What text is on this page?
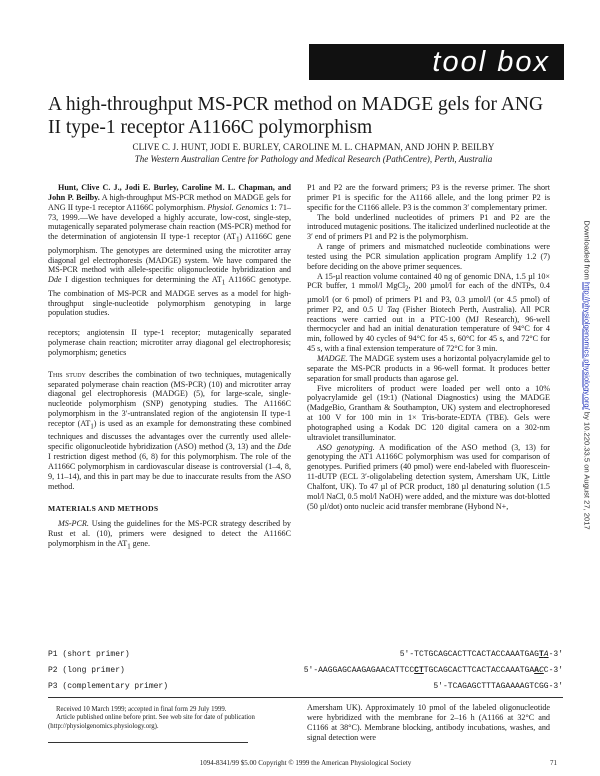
tool box
Downloaded from http://physiolgenomics.physiology.org/ by 10.220.33.5 on August 27, 2017
A high-throughput MS-PCR method on MADGE gels for ANG II type-1 receptor A1166C polymorphism
CLIVE C. J. HUNT, JODI E. BURLEY, CAROLINE M. L. CHAPMAN, AND JOHN P. BEILBY
The Western Australian Centre for Pathology and Medical Research (PathCentre), Perth, Australia

Hunt, Clive C. J., Jodi E. Burley, Caroline M. L. Chapman, and John P. Beilby. A high-throughput MS-PCR method on MADGE gels for ANG II type-1 receptor A1166C polymorphism. Physiol. Genomics 1: 71–73, 1999.—We have developed a highly accurate, low-cost, single-step, mutagenically separated polymerase chain reaction (MS-PCR) method for the determination of angiotensin II type-1 receptor $(AT_1)$ A1166C gene polymorphism. The genotypes are determined using the microtiter array diagonal gel electrophoresis (MADGE) system. We have compared the MS-PCR method with allele-specific oligonucleotide hybridization and Dde I digestion techniques for determining the $AT_1$ A1166C genotype. The combination of MS-PCR and MADGE serves as a model for high-throughput single-nucleotide polymorphism genotyping in large population studies.

receptors; angiotensin II type-1 receptor; mutagenically separated polymerase chain reaction; microtiter array diagonal gel electrophoresis; polymorphism; genetics

This study describes the combination of two techniques, mutagenically separated polymerase chain reaction (MS-PCR) (10) and microtiter array diagonal gel electrophoresis (MADGE) (5), for large-scale, single-nucleotide polymorphism (SNP) genotyping studies. The A1166C polymorphism in the 3′-untranslated region of the angiotensin II type-1 receptor $(AT_1)$ is used as an example for demonstrating these combined techniques and discusses the advantages over the currently used allele-specific oligonucleotide hybridization (ASO) method (3, 13) and the Dde I restriction digest method (6, 8) for this polymorphism. The role of the A1166C polymorphism in cardiovascular disease is controversial (1–4, 8, 9, 11–14), and this in part may be due to inaccurate results from the ASO method.

MATERIALS AND METHODS

MS-PCR. Using the guidelines for the MS-PCR strategy described by Rust et al. (10), primers were designed to detect the A1166C polymorphism in the $AT_1$ gene.

P1 and P2 are the forward primers; P3 is the reverse primer. The short primer P1 is specific for the A1166 allele, and the long primer P2 is specific for the C1166 allele. P3 is the common 3′ complementary primer.

The bold underlined nucleotides of primers P1 and P2 are the introduced mutagenic positions. The italicized underlined nucleotide at the 3′ end of primers P1 and P2 is the polymorphism.

A range of primers and mismatched nucleotide combinations were tested using the PCR simulation application program Amplify 1.2 (7) before deciding on the above primer sequences.

A 15-µl reaction volume contained 40 ng of genomic DNA, 1.5 µl 10× PCR buffer, 1 mmol/l MgCl$_2$, 200 µmol/l for each of the dNTPs, 0.4 µmol/l (or 6 pmol) of primers P1 and P3, 0.3 µmol/l (or 4.5 pmol) of primer P2, and 0.5 U Taq (Fisher Biotech Perth, Australia). All PCR reactions were carried out in a PTC-100 (MJ Research), 96-well thermocycler and had an initial denaturation temperature of 94°C for 4 min, followed by 40 cycles of 94°C for 45 s, 60°C for 45 s, and 72°C for 45 s, with a final extension temperature of 72°C for 3 min.

MADGE. The MADGE system uses a horizontal polyacrylamide gel to separate the MS-PCR products in a 96-well format. It produces better separation for small products than agarose gel.

Five microliters of product were loaded per well onto a 10% polyacrylamide gel (19:1) (National Diagnostics) using the MADGE (MadgeBio, Grantham & Southampton, UK) system and electrophoresed at 100 V for 100 min in 1× Tris-borate-EDTA (TBE). Gels were photographed using a Kodak DC 120 digital camera on a 302-nm ultraviolet transilluminator.

ASO genotyping. A modification of the ASO method (3, 13) for genotyping the AT1 A1166C polymorphism was used for comparison of genotypes. Purified primers (40 pmol) were end-labeled with fluorescein-11-dUTP (ECL 3′-oligolabeling detection system, Amersham UK, Little Chalfont, UK). To 47 µl of PCR product, 180 µl denaturing solution (1.5 mol/l NaCl, 0.5 mol/l NaOH) were added, and the mixture was dot-blotted (50 µl/dot) onto nucleic acid transfer membrane (Hybond N+,

P1 (short primer)	5′-TCTGCAGCACTTCACTACCAAATGAGTA-3′
P2 (long primer)	5′-AAGGAGCAAGAGAACATTCCCTTGCAGCACTTCACTACCAAATGAACC-3′
P3 (complementary primer)	5′-TCAGAGCTTTAGAAAAGTCGG-3′

Received 10 March 1999; accepted in final form 29 July 1999.

Article published online before print. See web site for date of publication (http://physiolgenomics.physiology.org).

Amersham UK). Approximately 10 pmol of the labeled oligonucleotide were hybridized with the membrane for 2–16 h (A1166 at 32°C and C1166 at 38°C). Membrane blocking, antibody incubations, washes, and signal detection were

1094-8341/99 $5.00 Copyright © 1999 the American Physiological Society	71
